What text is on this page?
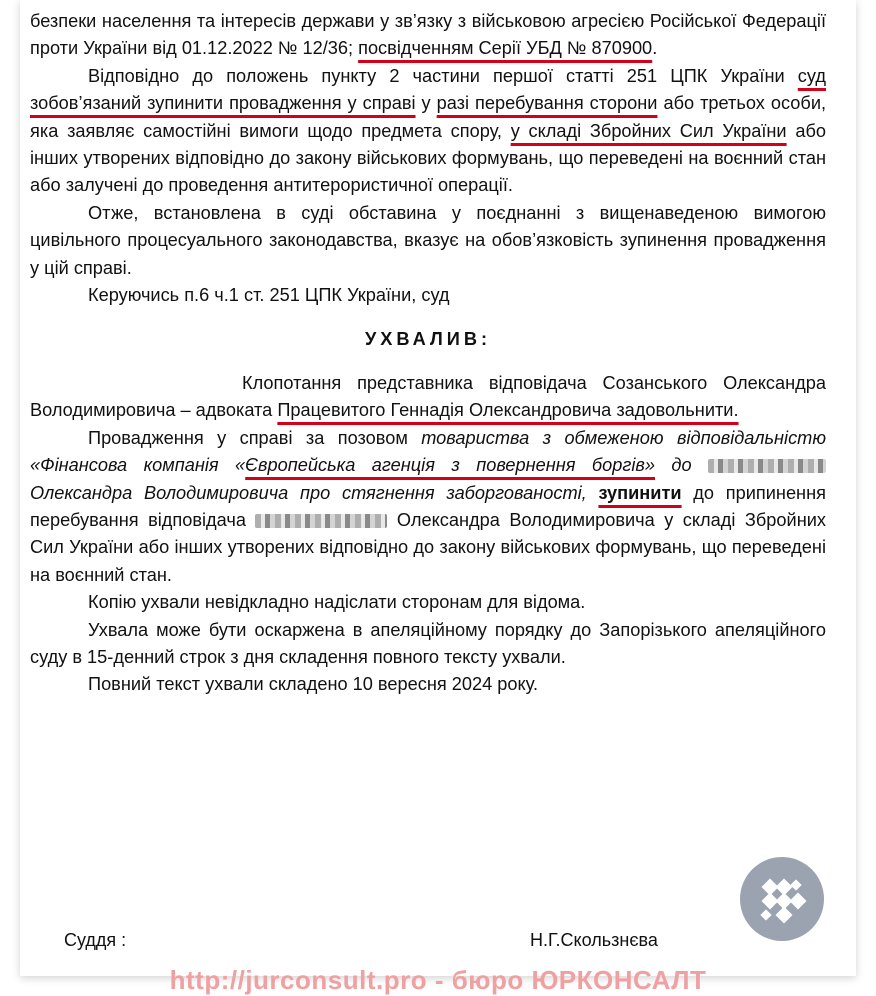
безпеки населення та інтересів держави у зв’язку з військовою агресією Російської Федерації проти України від 01.12.2022 № 12/36; посвідченням Серії УБД № 870900.

Відповідно до положень пункту 2 частини першої статті 251 ЦПК України суд зобов’язаний зупинити провадження у справі у разі перебування сторони або третьох особи, яка заявляє самостійні вимоги щодо предмета спору, у складі Збройних Сил України або інших утворених відповідно до закону військових формувань, що переведені на воєнний стан або залучені до проведення антитерористичної операції.

Отже, встановлена в суді обставина у поєднанні з вищенаведеною вимогою цивільного процесуального законодавства, вказує на обов’язковість зупинення провадження у цій справі.

Керуючись п.6 ч.1 ст. 251 ЦПК України, суд

УХВАЛИВ:

Клопотання представника відповідача Созанського Олександра Володимировича – адвоката Працевитого Геннадія Олександровича задовольнити.

Провадження у справі за позовом товариства з обмеженою відповідальністю «Фінансова компанія «Європейська агенція з повернення боргів» до  Олександра Володимировича про стягнення заборгованості, зупинити до припинення перебування відповідача	Олександра Володимировича у складі Збройних Сил України або інших утворених відповідно до закону військових формувань, що переведені на воєнний стан.

Копію ухвали невідкладно надіслати сторонам для відома.

Ухвала може бути оскаржена в апеляційному порядку до Запорізького апеляційного суду в 15-денний строк з дня складення повного тексту ухвали.

Повний текст ухвали складено 10 вересня 2024 року.

Суддя :	Н.Г.Скользнєва
http://jurconsult.pro - бюро ЮРКОНСАЛТ
